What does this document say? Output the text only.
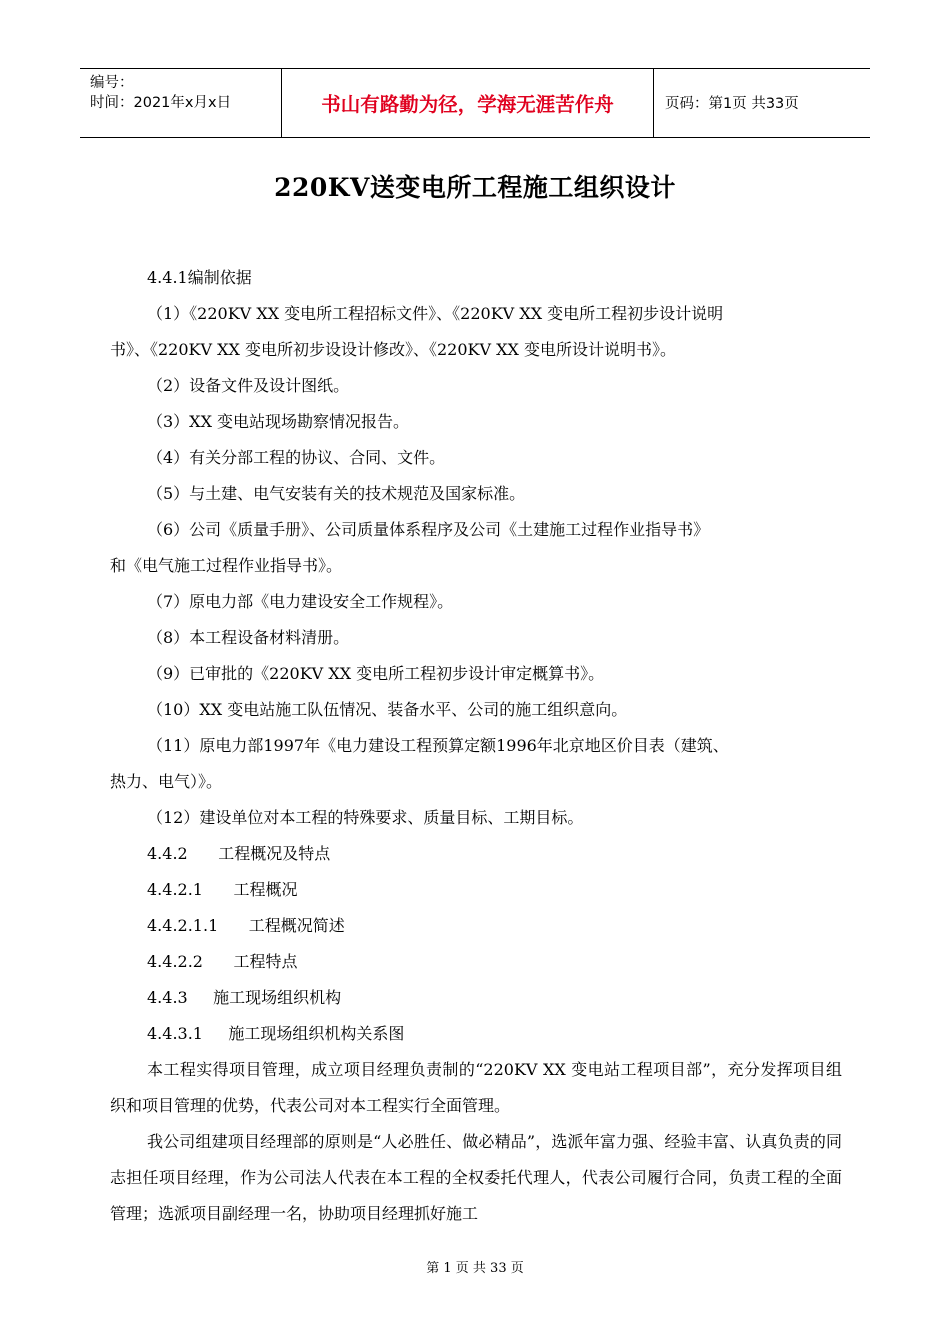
编号：
时间：2021年x月x日	书山有路勤为径，学海无涯苦作舟	页码：第1页 共33页
220KV送变电所工程施工组织设计

4.4.1编制依据

（1）《220KV XX 变电所工程招标文件》、《220KV XX 变电所工程初步设计说明

书》、《220KV XX 变电所初步设设计修改》、《220KV XX 变电所设计说明书》。

（2）设备文件及设计图纸。

（3）XX 变电站现场勘察情况报告。

（4）有关分部工程的协议、合同、文件。

（5）与土建、电气安装有关的技术规范及国家标准。

（6）公司《质量手册》、公司质量体系程序及公司《土建施工过程作业指导书》

和《电气施工过程作业指导书》。

（7）原电力部《电力建设安全工作规程》。

（8）本工程设备材料清册。

（9）已审批的《220KV XX 变电所工程初步设计审定概算书》。

（10）XX 变电站施工队伍情况、装备水平、公司的施工组织意向。

（11）原电力部1997年《电力建设工程预算定额1996年北京地区价目表（建筑、

热力、电气）》。

（12）建设单位对本工程的特殊要求、质量目标、工期目标。

4.4.2      工程概况及特点

4.4.2.1      工程概况

4.4.2.1.1      工程概况简述

4.4.2.2      工程特点

4.4.3     施工现场组织机构

4.4.3.1     施工现场组织机构关系图

本工程实得项目管理，成立项目经理负责制的“220KV XX 变电站工程项目部”，充分发挥项目组织和项目管理的优势，代表公司对本工程实行全面管理。

我公司组建项目经理部的原则是“人必胜任、做必精品”，选派年富力强、经验丰富、认真负责的同志担任项目经理，作为公司法人代表在本工程的全权委托代理人，代表公司履行合同，负责工程的全面管理；选派项目副经理一名，协助项目经理抓好施工

第 1 页 共 33 页
